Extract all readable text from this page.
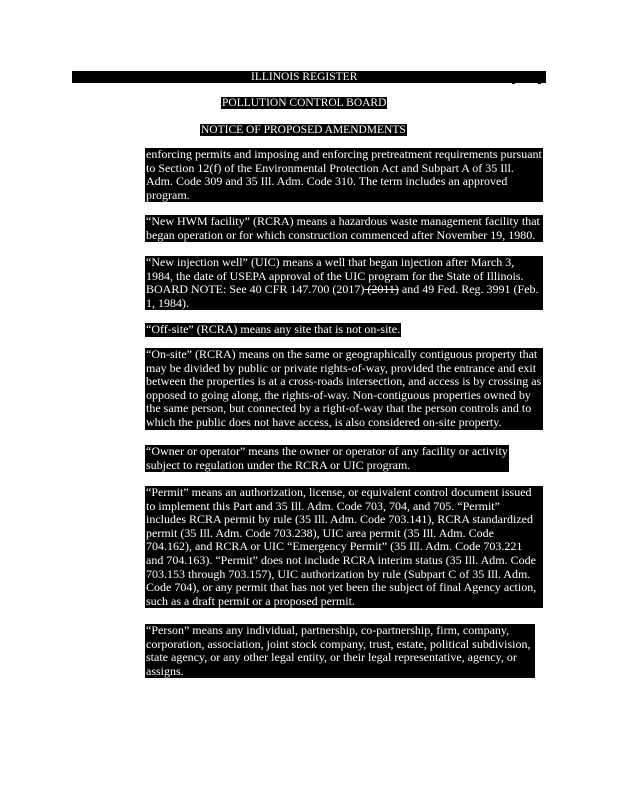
ILLINOIS REGISTER
POLLUTION CONTROL BOARD
NOTICE OF PROPOSED AMENDMENTS

enforcing permits and imposing and enforcing pretreatment requirements pursuant

to Section 12(f) of the Environmental Protection Act and Subpart A of 35 Ill.

Adm. Code 309 and 35 Ill. Adm. Code 310. The term includes an approved

program.

“New HWM facility” (RCRA) means a hazardous waste management facility that

began operation or for which construction commenced after November 19, 1980.

“New injection well” (UIC) means a well that began injection after March 3,

1984, the date of USEPA approval of the UIC program for the State of Illinois.

BOARD NOTE: See 40 CFR 147.700 (2017) (2011) and 49 Fed. Reg. 3991 (Feb.

1, 1984).

“Off-site” (RCRA) means any site that is not on-site.

“On-site” (RCRA) means on the same or geographically contiguous property that

may be divided by public or private rights-of-way, provided the entrance and exit

between the properties is at a cross-roads intersection, and access is by crossing as

opposed to going along, the rights-of-way. Non-contiguous properties owned by

the same person, but connected by a right-of-way that the person controls and to

which the public does not have access, is also considered on-site property.

“Owner or operator” means the owner or operator of any facility or activity

subject to regulation under the RCRA or UIC program.

“Permit” means an authorization, license, or equivalent control document issued

to implement this Part and 35 Ill. Adm. Code 703, 704, and 705. “Permit”

includes RCRA permit by rule (35 Ill. Adm. Code 703.141), RCRA standardized

permit (35 Ill. Adm. Code 703.238), UIC area permit (35 Ill. Adm. Code

704.162), and RCRA or UIC “Emergency Permit” (35 Ill. Adm. Code 703.221

and 704.163). “Permit” does not include RCRA interim status (35 Ill. Adm. Code

703.153 through 703.157), UIC authorization by rule (Subpart C of 35 Ill. Adm.

Code 704), or any permit that has not yet been the subject of final Agency action,

such as a draft permit or a proposed permit.

“Person” means any individual, partnership, co-partnership, firm, company,

corporation, association, joint stock company, trust, estate, political subdivision,

state agency, or any other legal entity, or their legal representative, agency, or

assigns.
